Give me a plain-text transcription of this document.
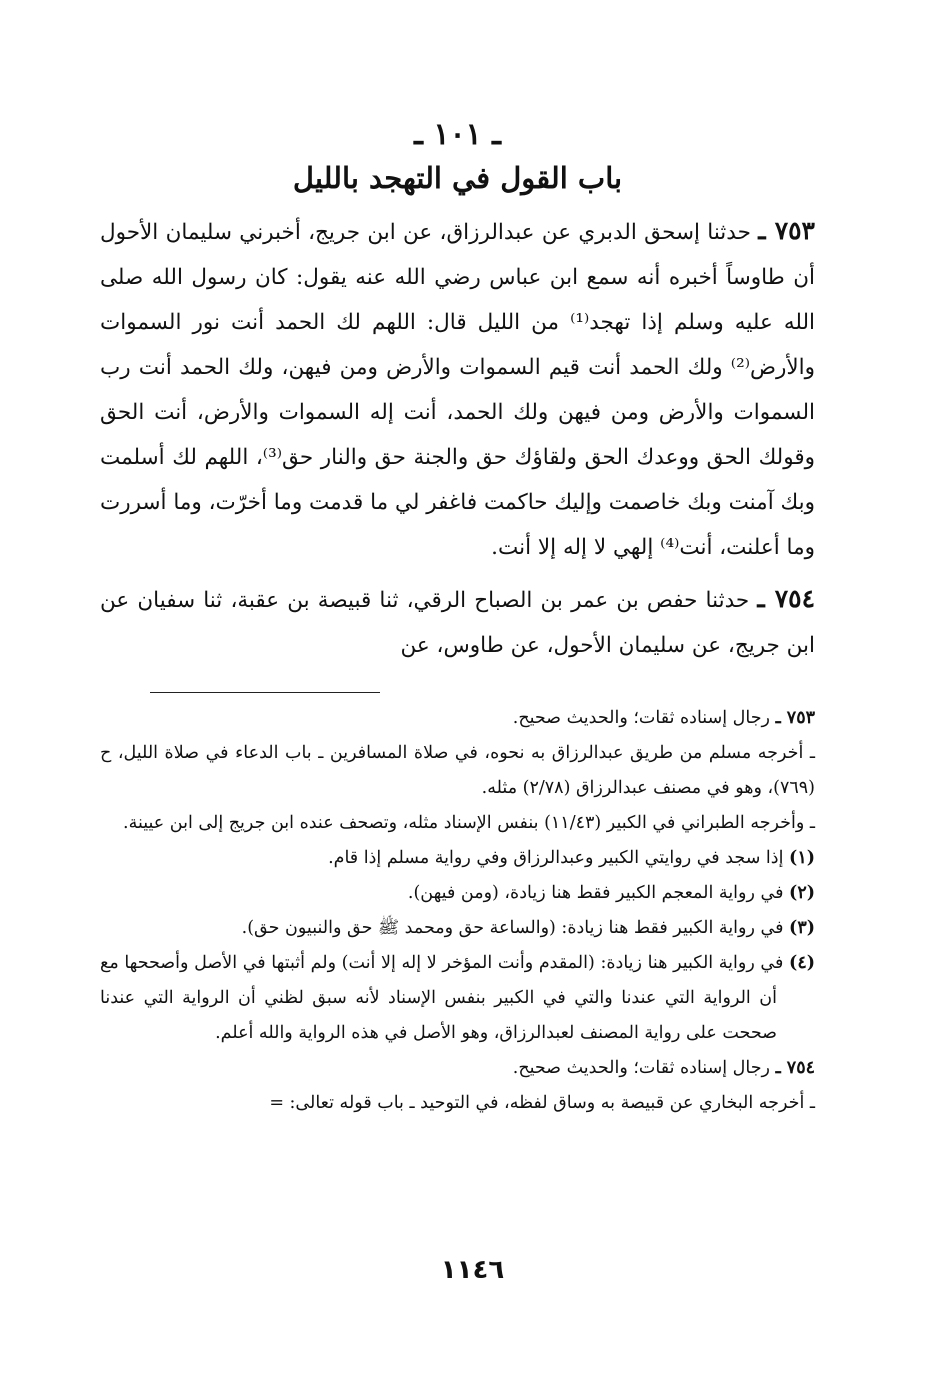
ـ ١٠١ ـ
باب القول في التهجد بالليل

٧٥٣ ـ حدثنا إسحق الدبري عن عبدالرزاق، عن ابن جريج، أخبرني سليمان الأحول أن طاوساً أخبره أنه سمع ابن عباس رضي الله عنه يقول: كان رسول الله صلى الله عليه وسلم إذا تهجد⁽¹⁾ من الليل قال: اللهم لك الحمد أنت نور السموات والأرض⁽²⁾ ولك الحمد أنت قيم السموات والأرض ومن فيهن، ولك الحمد أنت رب السموات والأرض ومن فيهن ولك الحمد، أنت إله السموات والأرض، أنت الحق وقولك الحق ووعدك الحق ولقاؤك حق والجنة حق والنار حق⁽³⁾، اللهم لك أسلمت وبك آمنت وبك خاصمت وإليك حاكمت فاغفر لي ما قدمت وما أخرّت، وما أسررت وما أعلنت، أنت⁽⁴⁾ إلهي لا إله إلا أنت.

٧٥٤ ـ حدثنا حفص بن عمر بن الصباح الرقي، ثنا قبيصة بن عقبة، ثنا سفيان عن ابن جريج، عن سليمان الأحول، عن طاوس، عن

٧٥٣ ـ رجال إسناده ثقات؛ والحديث صحيح.

ـ أخرجه مسلم من طريق عبدالرزاق به نحوه، في صلاة المسافرين ـ باب الدعاء في صلاة الليل، ح (٧٦٩)، وهو في مصنف عبدالرزاق (٢/٧٨) مثله.

ـ وأخرجه الطبراني في الكبير (١١/٤٣) بنفس الإسناد مثله، وتصحف عنده ابن جريج إلى ابن عيينة.

(١) إذا سجد في روايتي الكبير وعبدالرزاق وفي رواية مسلم إذا قام.

(٢) في رواية المعجم الكبير فقط هنا زيادة، (ومن فيهن).

(٣) في رواية الكبير فقط هنا زيادة: (والساعة حق ومحمد ﷺ حق والنبيون حق).

(٤) في رواية الكبير هنا زيادة: (المقدم وأنت المؤخر لا إله إلا أنت) ولم أثبتها في الأصل وأصححها مع أن الرواية التي عندنا والتي في الكبير بنفس الإسناد لأنه سبق لظني أن الرواية التي عندنا صححت على رواية المصنف لعبدالرزاق، وهو الأصل في هذه الرواية والله أعلم.

٧٥٤ ـ رجال إسناده ثقات؛ والحديث صحيح.

ـ أخرجه البخاري عن قبيصة به وساق لفظه، في التوحيد ـ باب قوله تعالى: =

١١٤٦
